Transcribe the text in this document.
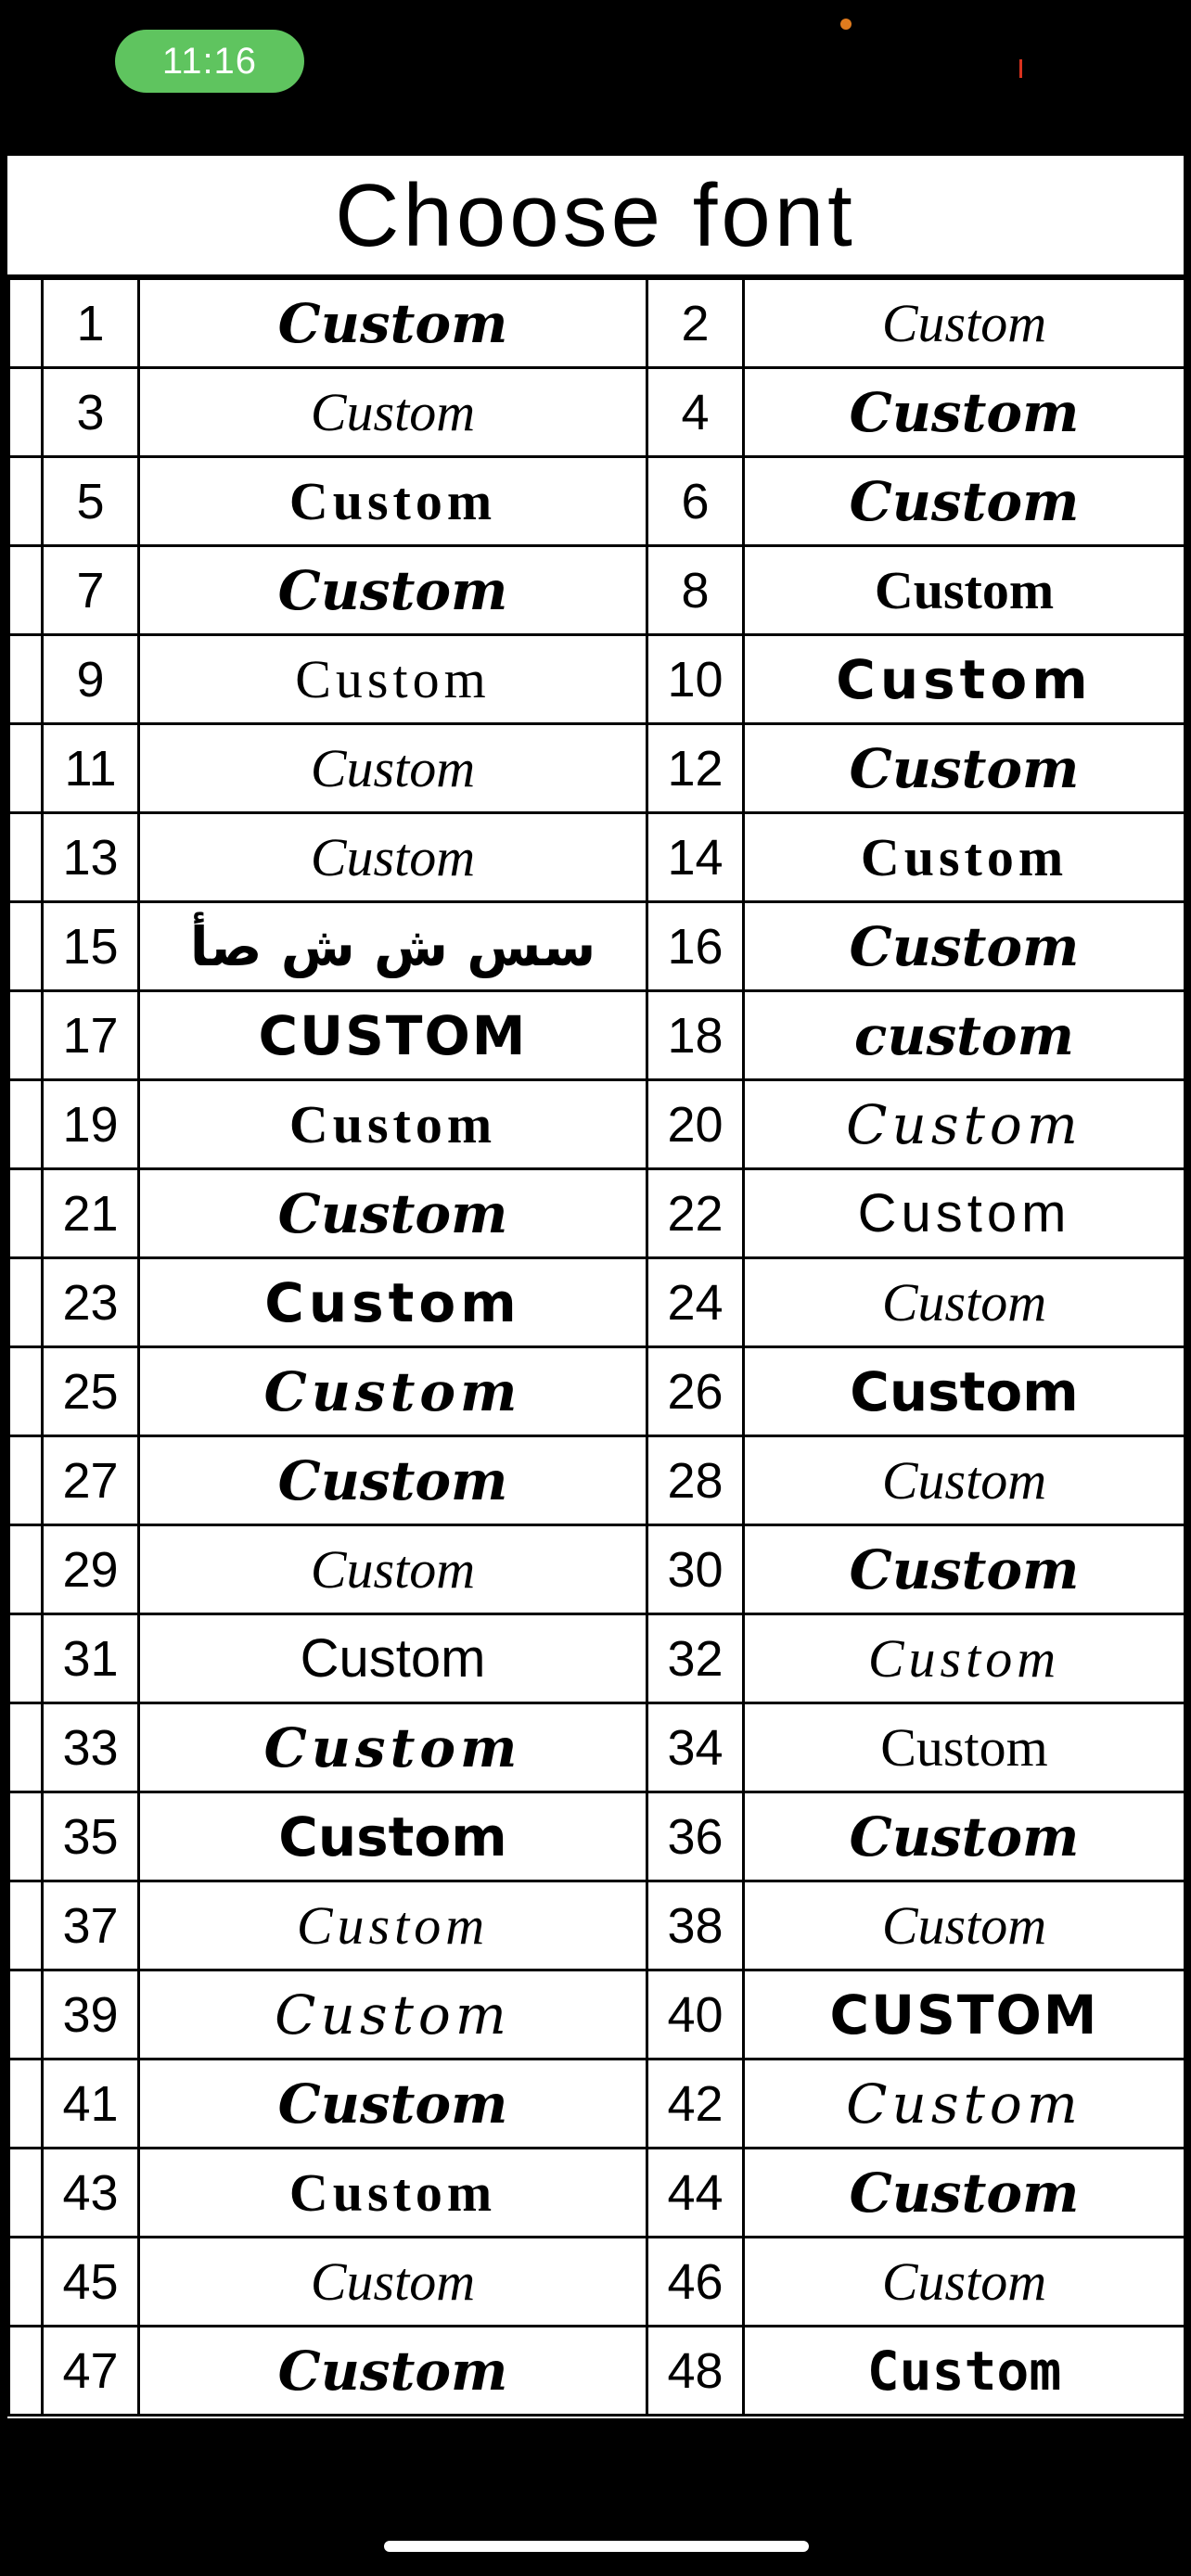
11:16
Choose font
	1	Custom	2	Custom
	3	Custom	4	Custom
	5	Custom	6	Custom
	7	Custom	8	Custom
	9	Custom	10	Custom
	11	Custom	12	Custom
	13	Custom	14	Custom
	15	سس ش ش صأ	16	Custom
	17	CUSTOM	18	custom
	19	Custom	20	Custom
	21	Custom	22	Custom
	23	Custom	24	Custom
	25	Custom	26	Custom
	27	Custom	28	Custom
	29	Custom	30	Custom
	31	Custom	32	Custom
	33	Custom	34	Custom
	35	Custom	36	Custom
	37	Custom	38	Custom
	39	Custom	40	CUSTOM
	41	Custom	42	Custom
	43	Custom	44	Custom
	45	Custom	46	Custom
	47	Custom	48	Custom
